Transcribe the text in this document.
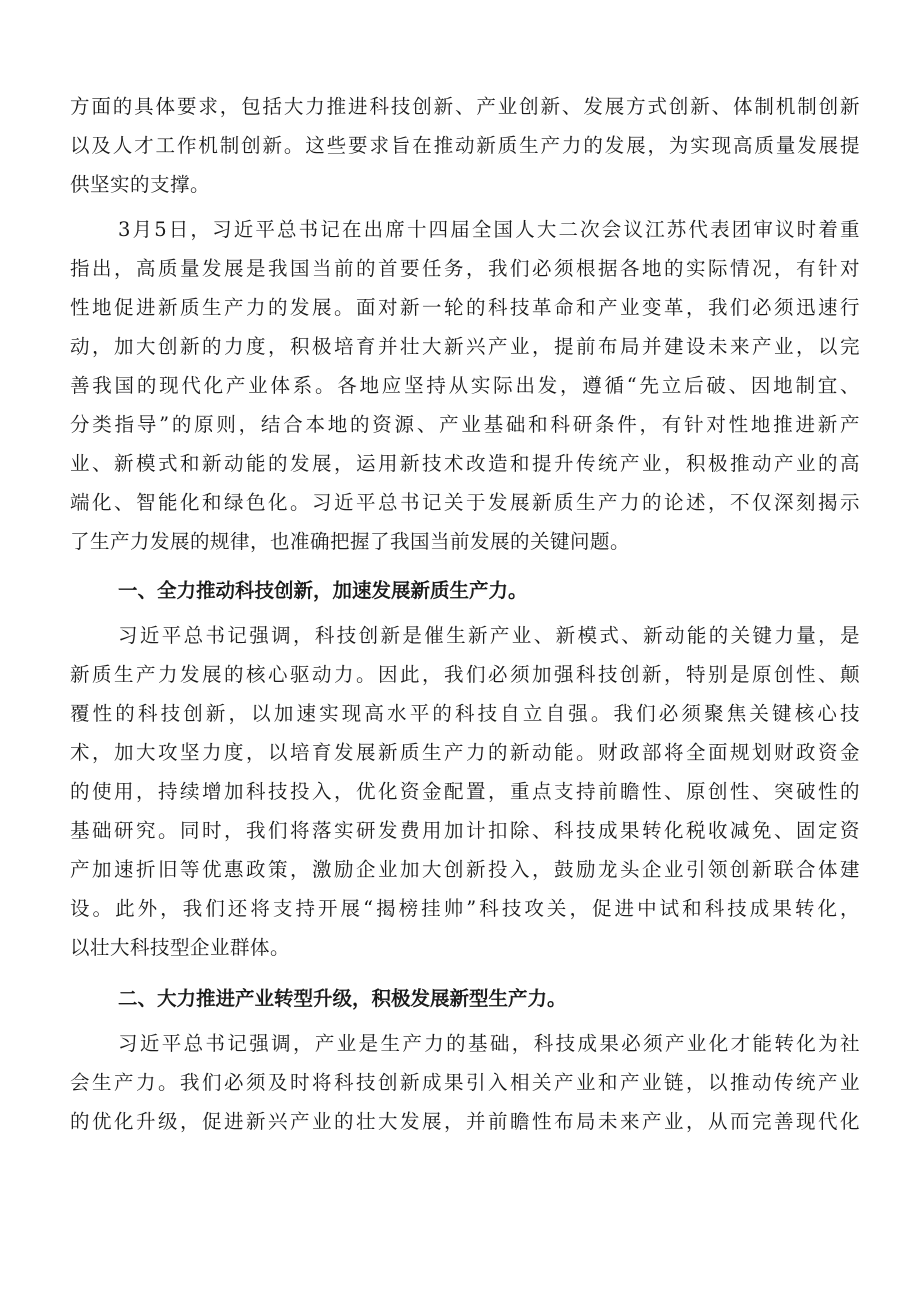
方面的具体要求，包括大力推进科技创新、产业创新、发展方式创新、体制机制创新
以及人才工作机制创新。这些要求旨在推动新质生产力的发展，为实现高质量发展提
供坚实的支撑。
3月5日，习近平总书记在出席十四届全国人大二次会议江苏代表团审议时着重
指出，高质量发展是我国当前的首要任务，我们必须根据各地的实际情况，有针对
性地促进新质生产力的发展。面对新一轮的科技革命和产业变革，我们必须迅速行
动，加大创新的力度，积极培育并壮大新兴产业，提前布局并建设未来产业，以完
善我国的现代化产业体系。各地应坚持从实际出发，遵循“先立后破、因地制宜、
分类指导”的原则，结合本地的资源、产业基础和科研条件，有针对性地推进新产
业、新模式和新动能的发展，运用新技术改造和提升传统产业，积极推动产业的高
端化、智能化和绿色化。习近平总书记关于发展新质生产力的论述，不仅深刻揭示
了生产力发展的规律，也准确把握了我国当前发展的关键问题。
一、全力推动科技创新，加速发展新质生产力。
习近平总书记强调，科技创新是催生新产业、新模式、新动能的关键力量，是
新质生产力发展的核心驱动力。因此，我们必须加强科技创新，特别是原创性、颠
覆性的科技创新，以加速实现高水平的科技自立自强。我们必须聚焦关键核心技
术，加大攻坚力度，以培育发展新质生产力的新动能。财政部将全面规划财政资金
的使用，持续增加科技投入，优化资金配置，重点支持前瞻性、原创性、突破性的
基础研究。同时，我们将落实研发费用加计扣除、科技成果转化税收减免、固定资
产加速折旧等优惠政策，激励企业加大创新投入，鼓励龙头企业引领创新联合体建
设。此外，我们还将支持开展“揭榜挂帅”科技攻关，促进中试和科技成果转化，
以壮大科技型企业群体。
二、大力推进产业转型升级，积极发展新型生产力。
习近平总书记强调，产业是生产力的基础，科技成果必须产业化才能转化为社
会生产力。我们必须及时将科技创新成果引入相关产业和产业链，以推动传统产业
的优化升级，促进新兴产业的壮大发展，并前瞻性布局未来产业，从而完善现代化
